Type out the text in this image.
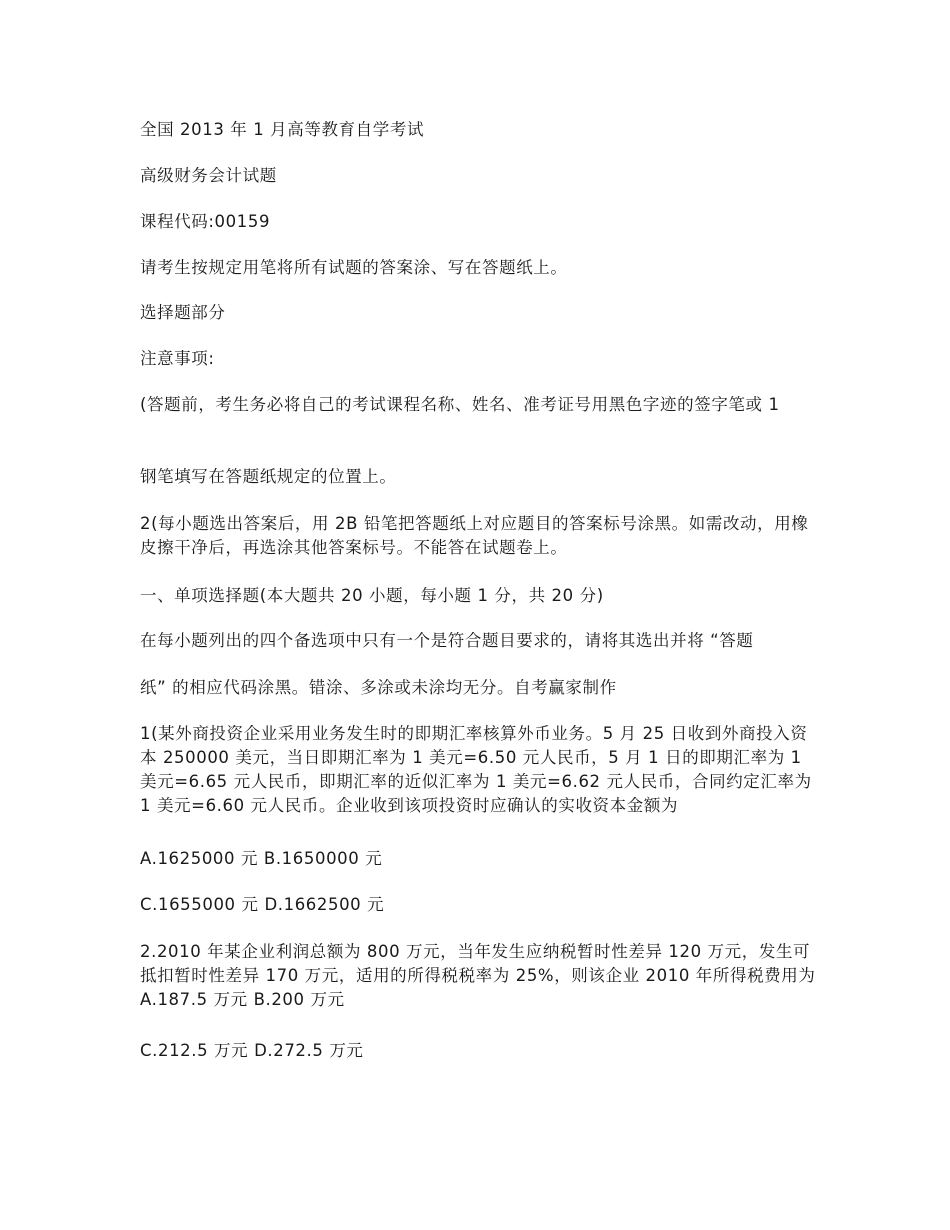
全国 2013 年 1 月高等教育自学考试
高级财务会计试题
课程代码:00159
请考生按规定用笔将所有试题的答案涂、写在答题纸上。
选择题部分
注意事项:
(答题前，考生务必将自己的考试课程名称、姓名、准考证号用黑色字迹的签字笔或 1
钢笔填写在答题纸规定的位置上。
2(每小题选出答案后，用 2B 铅笔把答题纸上对应题目的答案标号涂黑。如需改动，用橡皮擦干净后，再选涂其他答案标号。不能答在试题卷上。
一、单项选择题(本大题共 20 小题，每小题 1 分，共 20 分)
在每小题列出的四个备选项中只有一个是符合题目要求的，请将其选出并将 “答题
纸” 的相应代码涂黑。错涂、多涂或未涂均无分。自考赢家制作
1(某外商投资企业采用业务发生时的即期汇率核算外币业务。5 月 25 日收到外商投入资本 250000 美元，当日即期汇率为 1 美元=6.50 元人民币，5 月 1 日的即期汇率为 1 美元=6.65 元人民币，即期汇率的近似汇率为 1 美元=6.62 元人民币，合同约定汇率为 1 美元=6.60 元人民币。企业收到该项投资时应确认的实收资本金额为
A.1625000 元 B.1650000 元
C.1655000 元 D.1662500 元
2.2010 年某企业利润总额为 800 万元，当年发生应纳税暂时性差异 120 万元，发生可抵扣暂时性差异 170 万元，适用的所得税税率为 25%，则该企业 2010 年所得税费用为 A.187.5 万元 B.200 万元
C.212.5 万元 D.272.5 万元
